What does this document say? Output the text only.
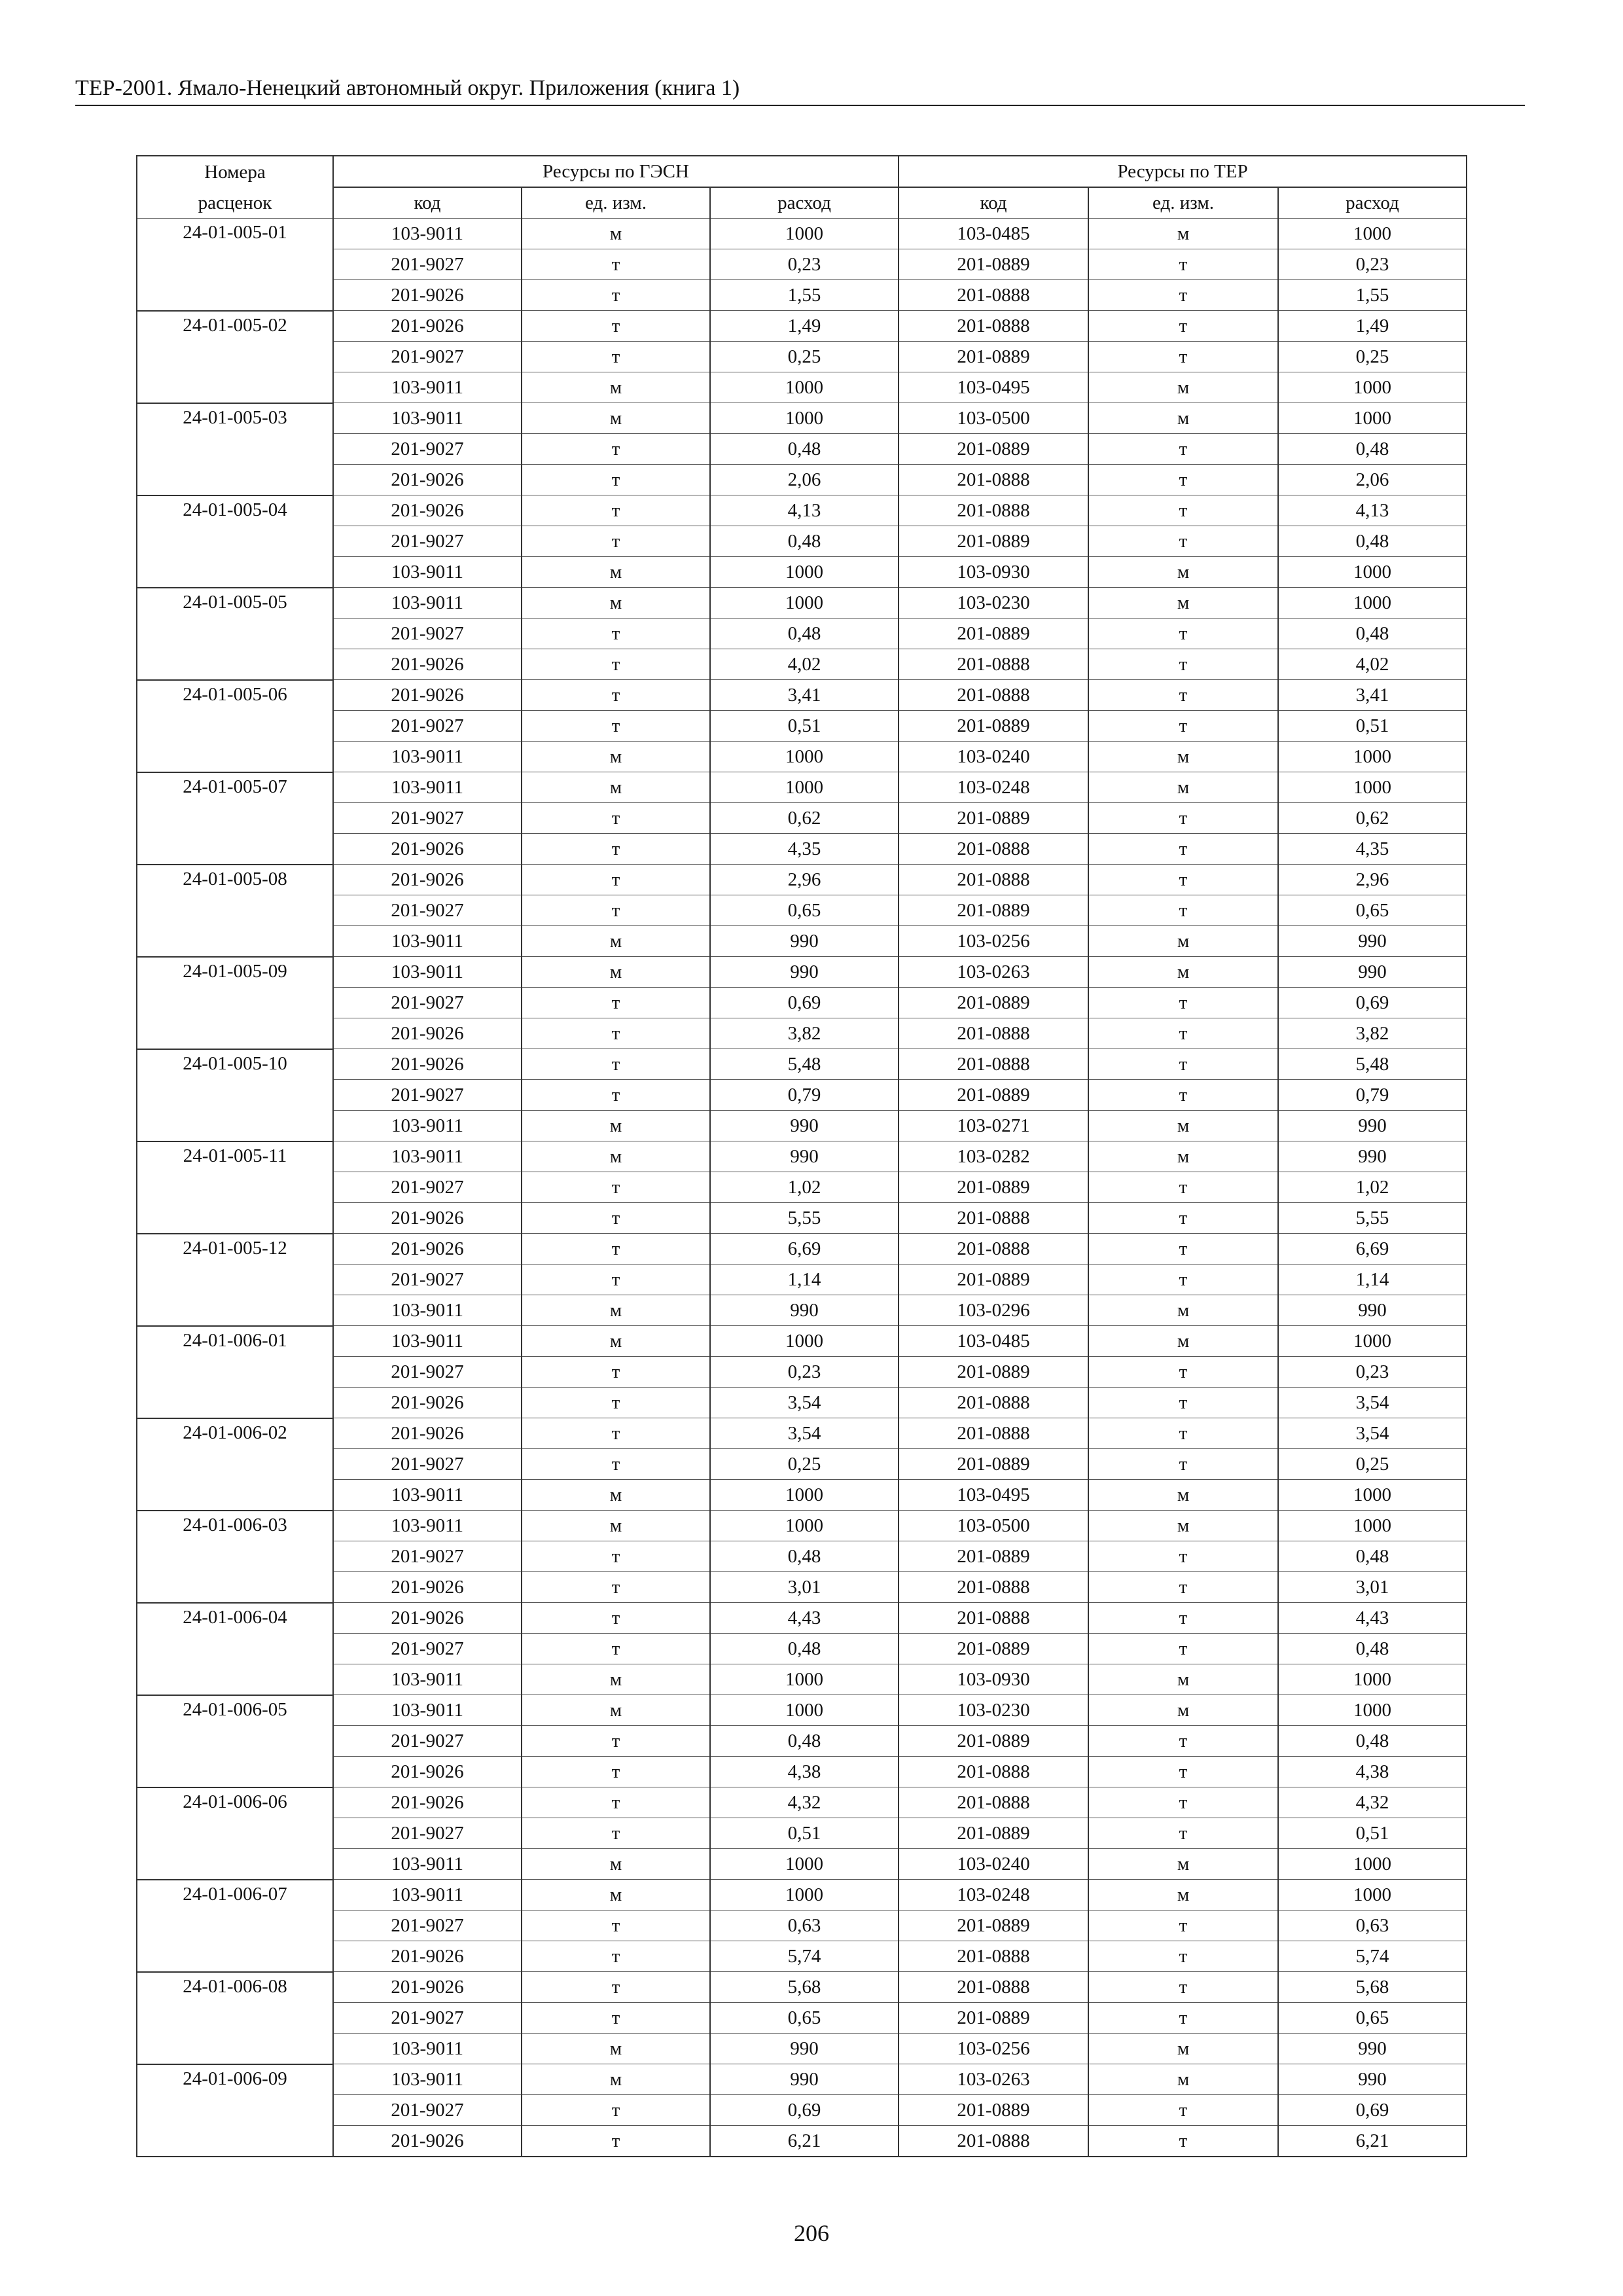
ТЕР-2001. Ямало-Ненецкий автономный округ. Приложения (книга 1)
Номера	Ресурсы по ГЭСН			Ресурсы по ТЕР		
расценок	код	ед. изм.	расход	код	ед. изм.	расход
24-01-005-01	103-9011	м	1000	103-0485	м	1000
	201-9027	т	0,23	201-0889	т	0,23
	201-9026	т	1,55	201-0888	т	1,55
24-01-005-02	201-9026	т	1,49	201-0888	т	1,49
	201-9027	т	0,25	201-0889	т	0,25
	103-9011	м	1000	103-0495	м	1000
24-01-005-03	103-9011	м	1000	103-0500	м	1000
	201-9027	т	0,48	201-0889	т	0,48
	201-9026	т	2,06	201-0888	т	2,06
24-01-005-04	201-9026	т	4,13	201-0888	т	4,13
	201-9027	т	0,48	201-0889	т	0,48
	103-9011	м	1000	103-0930	м	1000
24-01-005-05	103-9011	м	1000	103-0230	м	1000
	201-9027	т	0,48	201-0889	т	0,48
	201-9026	т	4,02	201-0888	т	4,02
24-01-005-06	201-9026	т	3,41	201-0888	т	3,41
	201-9027	т	0,51	201-0889	т	0,51
	103-9011	м	1000	103-0240	м	1000
24-01-005-07	103-9011	м	1000	103-0248	м	1000
	201-9027	т	0,62	201-0889	т	0,62
	201-9026	т	4,35	201-0888	т	4,35
24-01-005-08	201-9026	т	2,96	201-0888	т	2,96
	201-9027	т	0,65	201-0889	т	0,65
	103-9011	м	990	103-0256	м	990
24-01-005-09	103-9011	м	990	103-0263	м	990
	201-9027	т	0,69	201-0889	т	0,69
	201-9026	т	3,82	201-0888	т	3,82
24-01-005-10	201-9026	т	5,48	201-0888	т	5,48
	201-9027	т	0,79	201-0889	т	0,79
	103-9011	м	990	103-0271	м	990
24-01-005-11	103-9011	м	990	103-0282	м	990
	201-9027	т	1,02	201-0889	т	1,02
	201-9026	т	5,55	201-0888	т	5,55
24-01-005-12	201-9026	т	6,69	201-0888	т	6,69
	201-9027	т	1,14	201-0889	т	1,14
	103-9011	м	990	103-0296	м	990
24-01-006-01	103-9011	м	1000	103-0485	м	1000
	201-9027	т	0,23	201-0889	т	0,23
	201-9026	т	3,54	201-0888	т	3,54
24-01-006-02	201-9026	т	3,54	201-0888	т	3,54
	201-9027	т	0,25	201-0889	т	0,25
	103-9011	м	1000	103-0495	м	1000
24-01-006-03	103-9011	м	1000	103-0500	м	1000
	201-9027	т	0,48	201-0889	т	0,48
	201-9026	т	3,01	201-0888	т	3,01
24-01-006-04	201-9026	т	4,43	201-0888	т	4,43
	201-9027	т	0,48	201-0889	т	0,48
	103-9011	м	1000	103-0930	м	1000
24-01-006-05	103-9011	м	1000	103-0230	м	1000
	201-9027	т	0,48	201-0889	т	0,48
	201-9026	т	4,38	201-0888	т	4,38
24-01-006-06	201-9026	т	4,32	201-0888	т	4,32
	201-9027	т	0,51	201-0889	т	0,51
	103-9011	м	1000	103-0240	м	1000
24-01-006-07	103-9011	м	1000	103-0248	м	1000
	201-9027	т	0,63	201-0889	т	0,63
	201-9026	т	5,74	201-0888	т	5,74
24-01-006-08	201-9026	т	5,68	201-0888	т	5,68
	201-9027	т	0,65	201-0889	т	0,65
	103-9011	м	990	103-0256	м	990
24-01-006-09	103-9011	м	990	103-0263	м	990
	201-9027	т	0,69	201-0889	т	0,69
	201-9026	т	6,21	201-0888	т	6,21
206
